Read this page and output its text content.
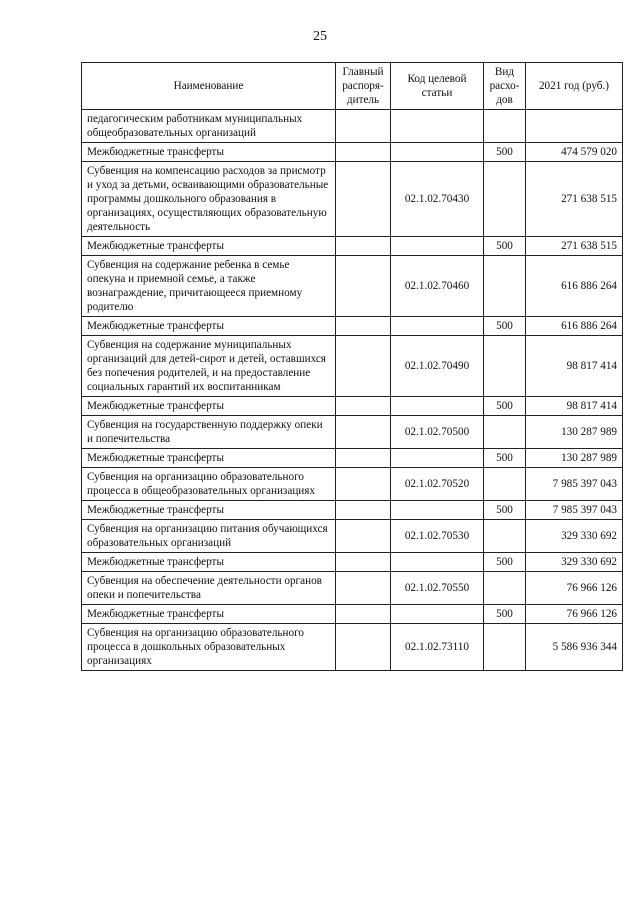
25
Наименование	Главный распоря-дитель	Код целевой статьи	Вид расхо-дов	2021 год (руб.)
педагогическим работникам муниципальных общеобразовательных организаций				
Межбюджетные трансферты			500	474 579 020
Субвенция на компенсацию расходов за присмотр и уход за детьми, осваивающими образовательные программы дошкольного образования в организациях, осуществляющих образовательную деятельность		02.1.02.70430		271 638 515
Межбюджетные трансферты			500	271 638 515
Субвенция на содержание ребенка в семье опекуна и приемной семье, а также вознаграждение, причитающееся приемному родителю		02.1.02.70460		616 886 264
Межбюджетные трансферты			500	616 886 264
Субвенция на содержание муниципальных организаций для детей-сирот и детей, оставшихся без попечения родителей, и на предоставление социальных гарантий их воспитанникам		02.1.02.70490		98 817 414
Межбюджетные трансферты			500	98 817 414
Субвенция на государственную поддержку опеки и попечительства		02.1.02.70500		130 287 989
Межбюджетные трансферты			500	130 287 989
Субвенция на организацию образовательного процесса в общеобразовательных организациях		02.1.02.70520		7 985 397 043
Межбюджетные трансферты			500	7 985 397 043
Субвенция на организацию питания обучающихся образовательных организаций		02.1.02.70530		329 330 692
Межбюджетные трансферты			500	329 330 692
Субвенция на обеспечение деятельности органов опеки и попечительства		02.1.02.70550		76 966 126
Межбюджетные трансферты			500	76 966 126
Субвенция на организацию образовательного процесса в дошкольных образовательных организациях		02.1.02.73110		5 586 936 344
